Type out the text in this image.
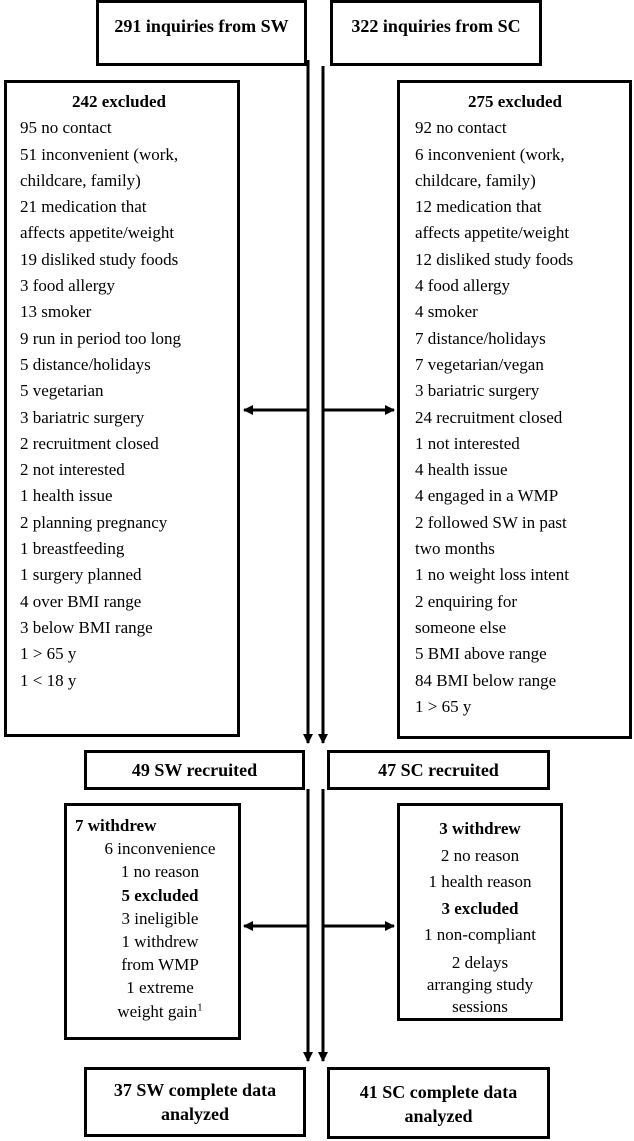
291 inquiries from SW	322 inquiries from SC
242 excluded
95 no contact
51 inconvenient (work,
childcare, family)
21 medication that
affects appetite/weight
19 disliked study foods
3 food allergy
13 smoker
9 run in period too long
5 distance/holidays
5 vegetarian
3 bariatric surgery
2 recruitment closed
2 not interested
1 health issue
2 planning pregnancy
1 breastfeeding
1 surgery planned
4 over BMI range
3 below BMI range
1 > 65 y
1 < 18 y
275 excluded
92 no contact
6 inconvenient (work,
childcare, family)
12 medication that
affects appetite/weight
12 disliked study foods
4 food allergy
4 smoker
7 distance/holidays
7 vegetarian/vegan
3 bariatric surgery
24 recruitment closed
1 not interested
4 health issue
4 engaged in a WMP
2 followed SW in past
two months
1 no weight loss intent
2 enquiring for
someone else
5 BMI above range
84 BMI below range
1 > 65 y
49 SW recruited	47 SC recruited
7 withdrew
6 inconvenience
1 no reason
5 excluded
3 ineligible
1 withdrew
from WMP
1 extreme
weight gain$^1$
3 withdrew
2 no reason
1 health reason
3 excluded
1 non-compliant
2 delays
arranging study
sessions
37 SW complete data analyzed
41 SC complete data analyzed
